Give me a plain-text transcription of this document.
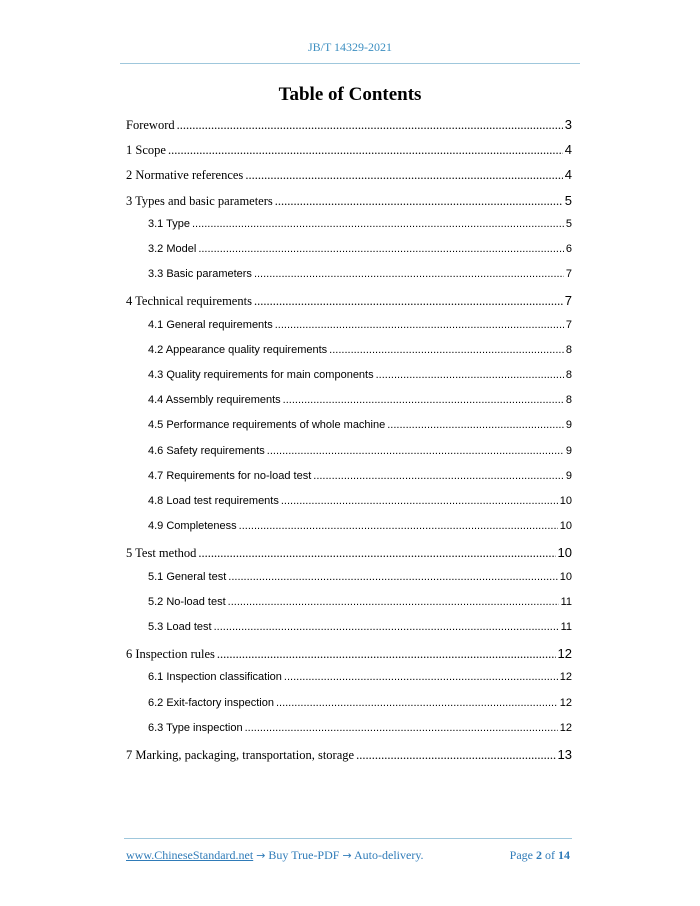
JB/T 14329-2021
Table of Contents
Foreword .....	3
1 Scope .....	4
2 Normative references .....	4
3 Types and basic parameters .....	5
3.1 Type .....	5
3.2 Model .....	6
3.3 Basic parameters .....	7
4 Technical requirements .....	7
4.1 General requirements .....	7
4.2 Appearance quality requirements .....	8
4.3 Quality requirements for main components .....	8
4.4 Assembly requirements .....	8
4.5 Performance requirements of whole machine .....	9
4.6 Safety requirements .....	9
4.7 Requirements for no-load test .....	9
4.8 Load test requirements .....	10
4.9 Completeness .....	10
5 Test method .....	10
5.1 General test .....	10
5.2 No-load test .....	11
5.3 Load test .....	11
6 Inspection rules .....	12
6.1 Inspection classification .....	12
6.2 Exit-factory inspection .....	12
6.3 Type inspection .....	12
7 Marking, packaging, transportation, storage .....	13
www.ChineseStandard.net → Buy True-PDF → Auto-delivery.	Page 2 of 14
